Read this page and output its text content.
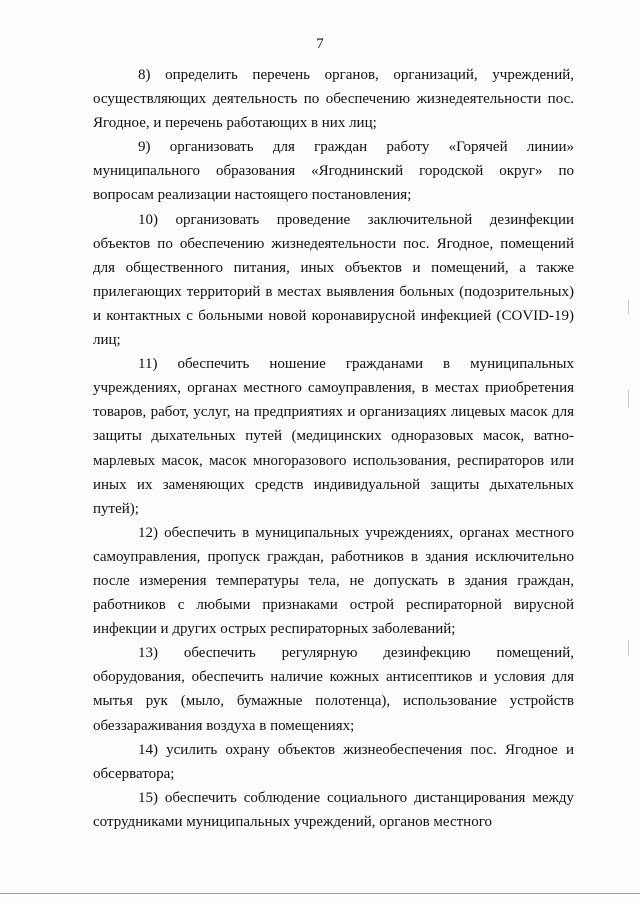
7

8) определить перечень органов, организаций, учреждений, осуществляющих деятельность по обеспечению жизнедеятельности пос. Ягодное, и перечень работающих в них лиц;

9) организовать для граждан работу «Горячей линии» муниципального образования «Ягоднинский городской округ» по вопросам реализации настоящего постановления;

10) организовать проведение заключительной дезинфекции объектов по обеспечению жизнедеятельности пос. Ягодное, помещений для общественного питания, иных объектов и помещений, а также прилегающих территорий в местах выявления больных (подозрительных) и контактных с больными новой коронавирусной инфекцией (COVID-19) лиц;

11) обеспечить ношение гражданами в муниципальных учреждениях, органах местного самоуправления, в местах приобретения товаров, работ, услуг, на предприятиях и организациях лицевых масок для защиты дыхательных путей (медицинских одноразовых масок, ватно-марлевых масок, масок многоразового использования, респираторов или иных их заменяющих средств индивидуальной защиты дыхательных путей);

12) обеспечить в муниципальных учреждениях, органах местного самоуправления, пропуск граждан, работников в здания исключительно после измерения температуры тела, не допускать в здания граждан, работников с любыми признаками острой респираторной вирусной инфекции и других острых респираторных заболеваний;

13) обеспечить регулярную дезинфекцию помещений, оборудования, обеспечить наличие кожных антисептиков и условия для мытья рук (мыло, бумажные полотенца), использование устройств обеззараживания воздуха в помещениях;

14) усилить охрану объектов жизнеобеспечения пос. Ягодное и обсерватора;

15) обеспечить соблюдение социального дистанцирования между сотрудниками муниципальных учреждений, органов местного
